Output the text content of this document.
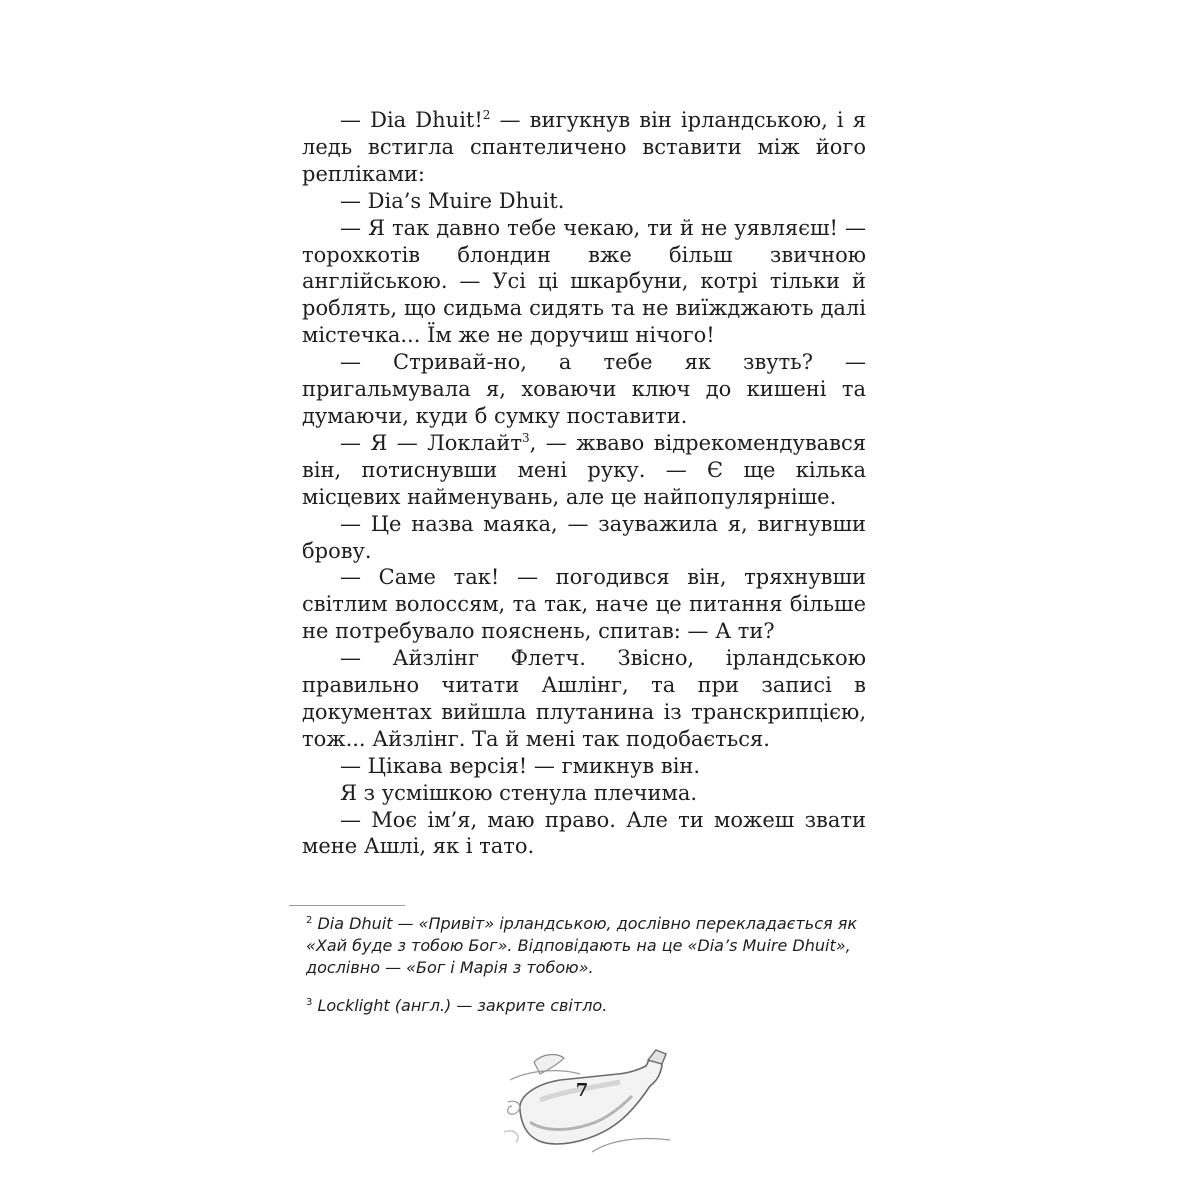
— Dia Dhuit!$^2$ — вигукнув він ірландською, і я ледь встигла спантеличено вставити між його репліками:

— Dia’s Muire Dhuit.

— Я так давно тебе чекаю, ти й не уявляєш! — торохкотів блондин вже більш звичною англійською. — Усі ці шкарбуни, котрі тільки й роблять, що сидьма сидять та не виїжджають далі містечка... Їм же не доручиш нічого!

— Стривай-но, а тебе як звуть? — пригальмувала я, ховаючи ключ до кишені та думаючи, куди б сумку поставити.

— Я — Локлайт$^3$, — жваво відрекомендувався він, потиснувши мені руку. — Є ще кілька місцевих найменувань, але це найпопулярніше.

— Це назва маяка, — зауважила я, вигнувши брову.

— Саме так! — погодився він, тряхнувши світлим волоссям, та так, наче це питання більше не потребувало пояснень, спитав: — А ти?

— Айзлінг Флетч. Звісно, ірландською правильно читати Ашлінг, та при записі в документах вийшла плутанина із транскрипцією, тож... Айзлінг. Та й мені так подобається.

— Цікава версія! — гмикнув він.

Я з усмішкою стенула плечима.

— Моє ім’я, маю право. Але ти можеш звати мене Ашлі, як і тато.

$^2$ Dia Dhuit — «Привіт» ірландською, дослівно перекладається як «Хай буде з тобою Бог». Відповідають на це «Dia’s Muire Dhuit», дослівно — «Бог і Марія з тобою».

$^3$ Locklight (англ.) — закрите світло.

7
